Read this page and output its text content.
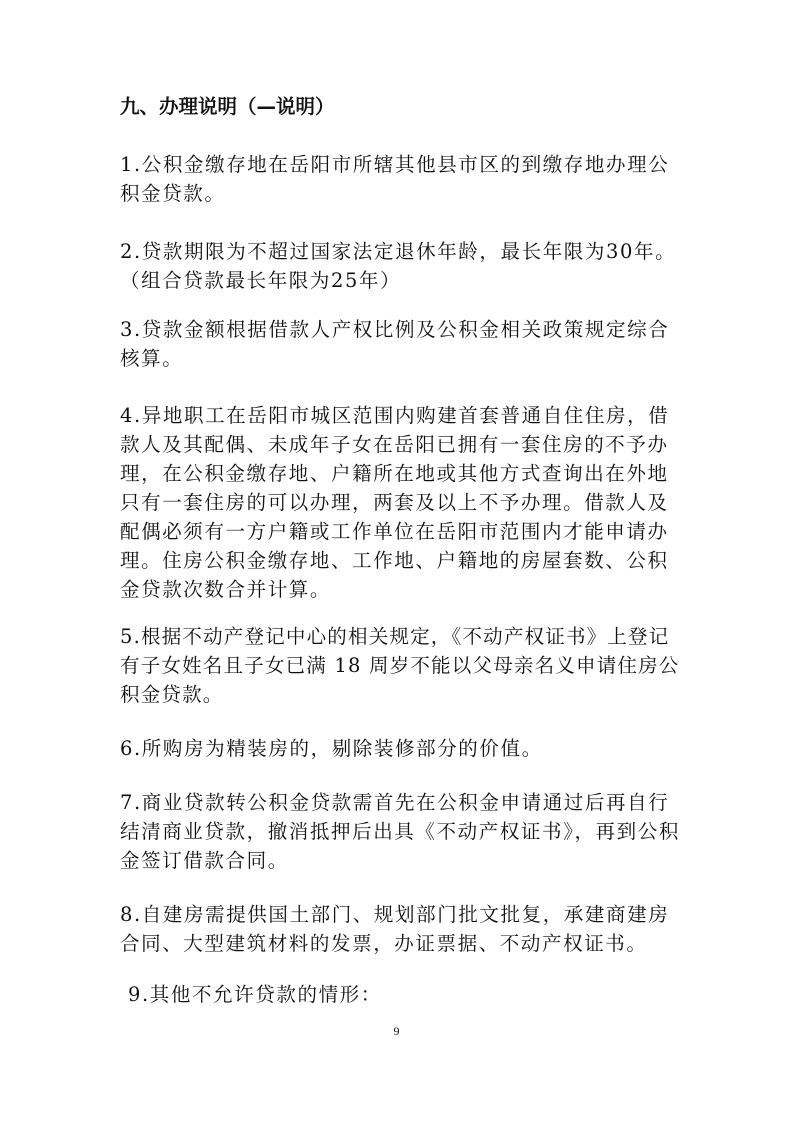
九、办理说明（—说明）

1.公积金缴存地在岳阳市所辖其他县市区的到缴存地办理公积金贷款。

2.贷款期限为不超过国家法定退休年龄，最长年限为30年。（组合贷款最长年限为25年）

3.贷款金额根据借款人产权比例及公积金相关政策规定综合核算。

4.异地职工在岳阳市城区范围内购建首套普通自住住房，借款人及其配偶、未成年子女在岳阳已拥有一套住房的不予办理，在公积金缴存地、户籍所在地或其他方式查询出在外地只有一套住房的可以办理，两套及以上不予办理。借款人及配偶必须有一方户籍或工作单位在岳阳市范围内才能申请办理。住房公积金缴存地、工作地、户籍地的房屋套数、公积金贷款次数合并计算。

5.根据不动产登记中心的相关规定，《不动产权证书》上登记有子女姓名且子女已满 18 周岁不能以父母亲名义申请住房公积金贷款。

6.所购房为精装房的，剔除装修部分的价值。

7.商业贷款转公积金贷款需首先在公积金申请通过后再自行结清商业贷款，撤消抵押后出具《不动产权证书》，再到公积金签订借款合同。

8.自建房需提供国土部门、规划部门批文批复，承建商建房合同、大型建筑材料的发票，办证票据、不动产权证书。

9.其他不允许贷款的情形：

9
